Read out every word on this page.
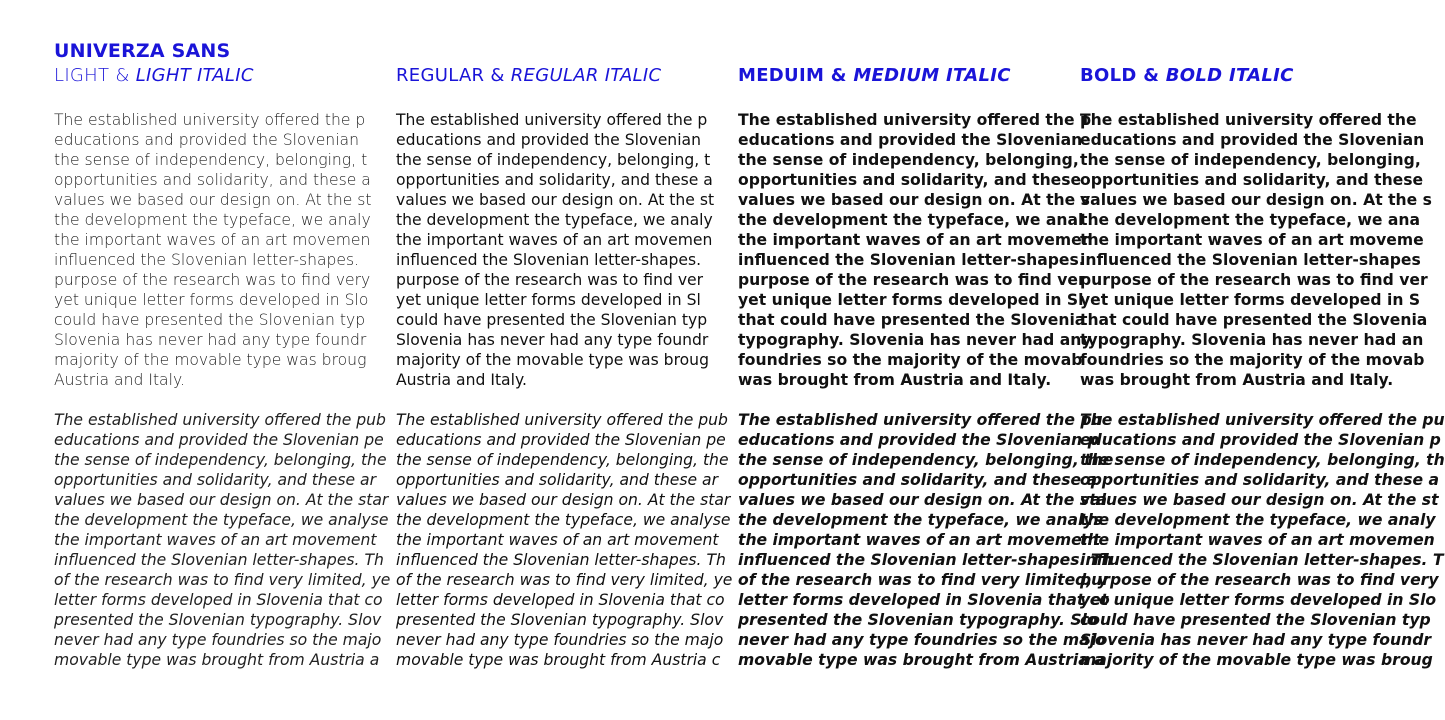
UNIVERZA SANS
LIGHT & LIGHT ITALIC
The established university offered the p
educations and provided the Slovenian
the sense of independency, belonging, t
opportunities and solidarity, and these a
values we based our design on. At the st
the development the typeface, we analy
the important waves of an art movemen
influenced the Slovenian letter-shapes.
purpose of the research was to find very
yet unique letter forms developed in Slo
could have presented the Slovenian typ
Slovenia has never had any type foundr
majority of the movable type was broug
Austria and Italy.
The established university offered the pub
educations and provided the Slovenian pe
the sense of independency, belonging, the
opportunities and solidarity, and these ar
values we based our design on. At the star
the development the typeface, we analyse
the important waves of an art movement
influenced the Slovenian letter-shapes. Th
of the research was to find very limited, ye
letter forms developed in Slovenia that co
presented the Slovenian typography. Slov
never had any type foundries so the majo
movable type was brought from Austria a
REGULAR & REGULAR ITALIC
The established university offered the p
educations and provided the Slovenian
the sense of independency, belonging, t
opportunities and solidarity, and these a
values we based our design on. At the st
the development the typeface, we analy
the important waves of an art movemen
influenced the Slovenian letter-shapes.
purpose of the research was to find ver
yet unique letter forms developed in Sl
could have presented the Slovenian typ
Slovenia has never had any type foundr
majority of the movable type was broug
Austria and Italy.
The established university offered the pub
educations and provided the Slovenian pe
the sense of independency, belonging, the
opportunities and solidarity, and these ar
values we based our design on. At the star
the development the typeface, we analyse
the important waves of an art movement
influenced the Slovenian letter-shapes. Th
of the research was to find very limited, ye
letter forms developed in Slovenia that co
presented the Slovenian typography. Slov
never had any type foundries so the majo
movable type was brought from Austria c
MEDUIM & MEDIUM ITALIC
The established university offered the p
educations and provided the Slovenian
the sense of independency, belonging,
opportunities and solidarity, and these
values we based our design on. At the s
the development the typeface, we anal
the important waves of an art movemen
influenced the Slovenian letter-shapes.
purpose of the research was to find ver
yet unique letter forms developed in Sl
that could have presented the Slovenia
typography. Slovenia has never had any
foundries so the majority of the movab
was brought from Austria and Italy.
The established university offered the pu
educations and provided the Slovenian p
the sense of independency, belonging, the
opportunities and solidarity, and these a
values we based our design on. At the sta
the development the typeface, we analys
the important waves of an art movement
influenced the Slovenian letter-shapes. Th
of the research was to find very limited, y
letter forms developed in Slovenia that co
presented the Slovenian typography. Slo
never had any type foundries so the majo
movable type was brought from Austria a
BOLD & BOLD ITALIC
The established university offered the
educations and provided the Slovenian
the sense of independency, belonging,
opportunities and solidarity, and these
values we based our design on. At the s
the development the typeface, we ana
the important waves of an art moveme
influenced the Slovenian letter-shapes
purpose of the research was to find ver
yet unique letter forms developed in S
that could have presented the Slovenia
typography. Slovenia has never had an
foundries so the majority of the movab
was brought from Austria and Italy.
The established university offered the pu
educations and provided the Slovenian p
the sense of independency, belonging, th
opportunities and solidarity, and these a
values we based our design on. At the st
the development the typeface, we analy
the important waves of an art movemen
influenced the Slovenian letter-shapes. T
purpose of the research was to find very
yet unique letter forms developed in Slo
could have presented the Slovenian typ
Slovenia has never had any type foundr
majority of the movable type was broug
